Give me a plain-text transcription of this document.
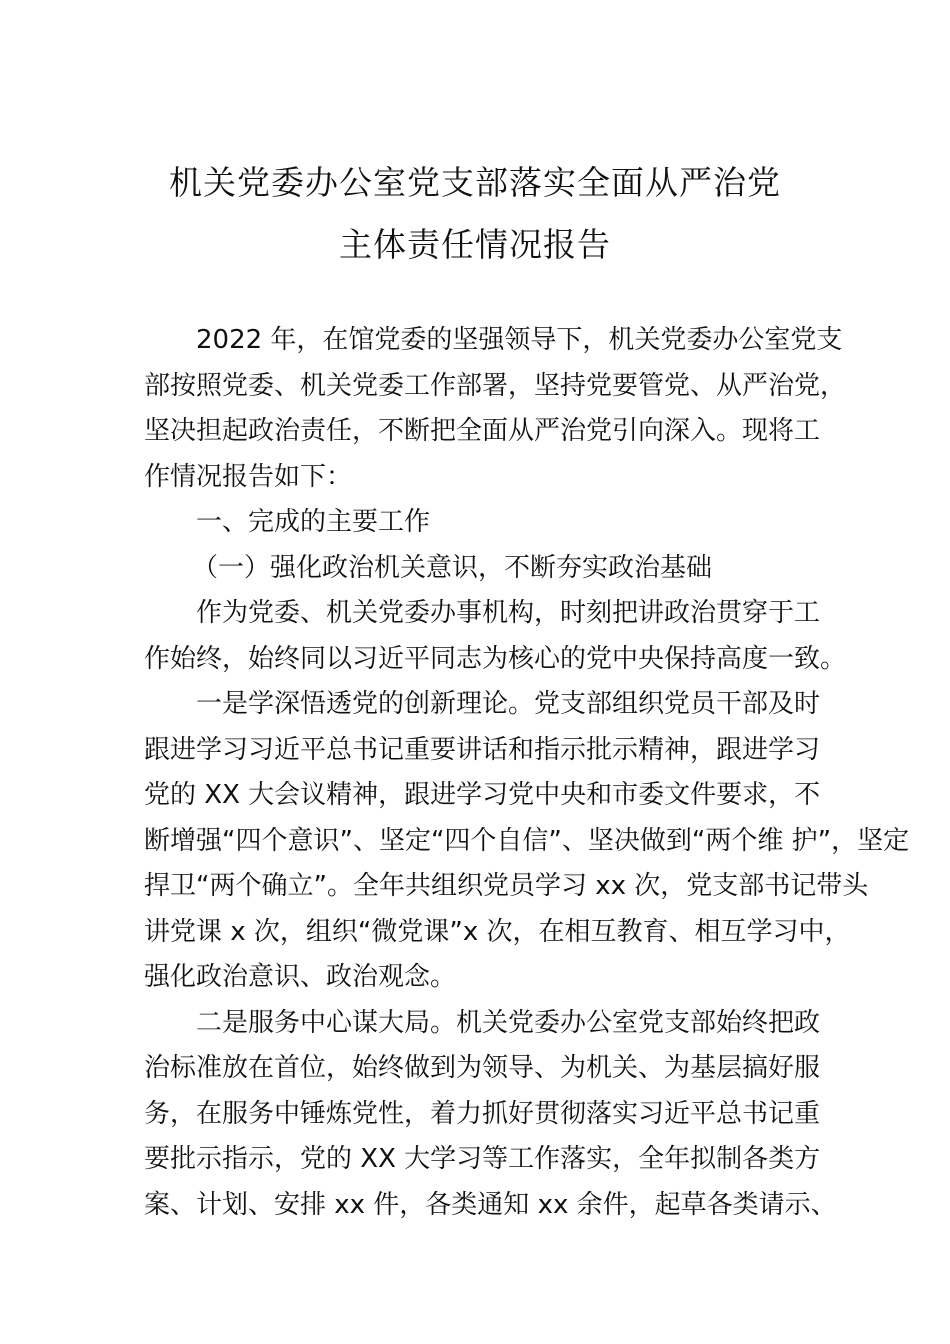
机关党委办公室党支部落实全面从严治党
主体责任情况报告
2022 年，在馆党委的坚强领导下，机关党委办公室党支
部按照党委、机关党委工作部署，坚持党要管党、从严治党，
坚决担起政治责任，不断把全面从严治党引向深入。现将工
作情况报告如下：
一、完成的主要工作
（一）强化政治机关意识，不断夯实政治基础
作为党委、机关党委办事机构，时刻把讲政治贯穿于工
作始终，始终同以习近平同志为核心的党中央保持高度一致。
一是学深悟透党的创新理论。党支部组织党员干部及时
跟进学习习近平总书记重要讲话和指示批示精神，跟进学习
党的 XX 大会议精神，跟进学习党中央和市委文件要求，不
断增强“四个意识”、坚定“四个自信”、坚决做到“两个维 护”，坚定
捍卫“两个确立”。全年共组织党员学习 xx 次，党支部书记带头
讲党课 x 次，组织“微党课”x 次，在相互教育、相互学习中，
强化政治意识、政治观念。
二是服务中心谋大局。机关党委办公室党支部始终把政
治标准放在首位，始终做到为领导、为机关、为基层搞好服
务，在服务中锤炼党性，着力抓好贯彻落实习近平总书记重
要批示指示，党的 XX 大学习等工作落实，全年拟制各类方
案、计划、安排 xx 件，各类通知 xx 余件，起草各类请示、
